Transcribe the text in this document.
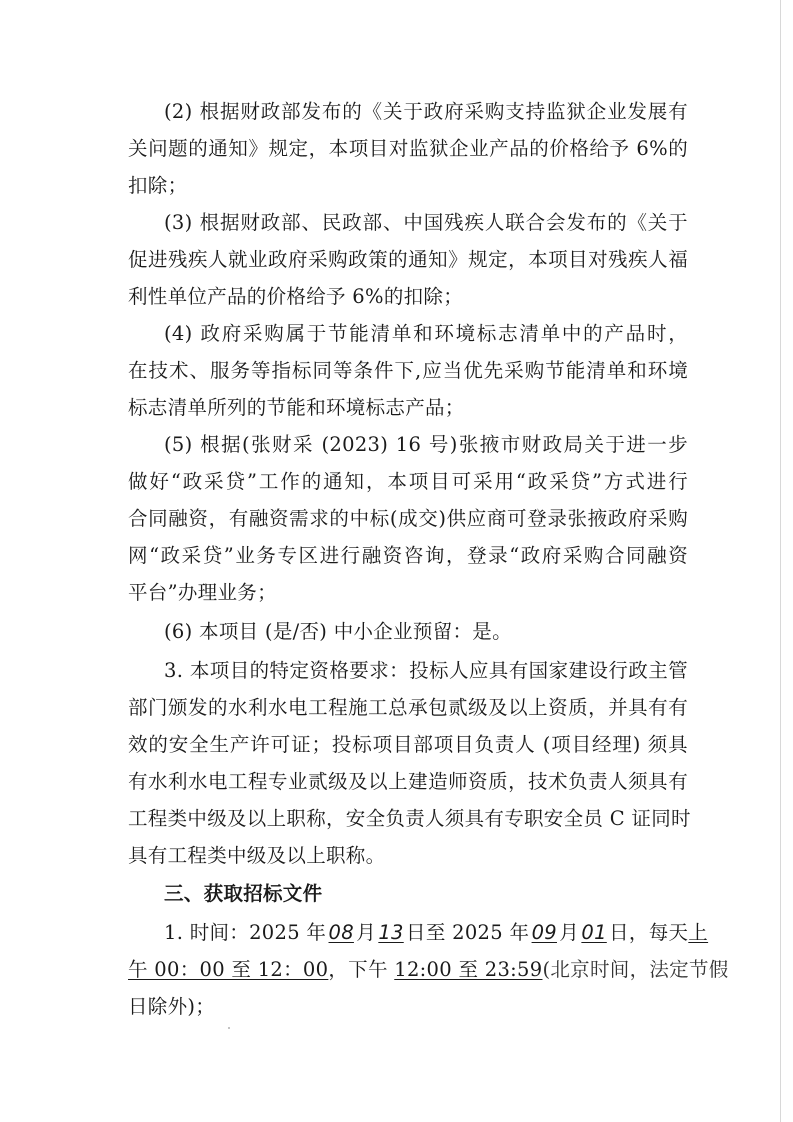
(2) 根据财政部发布的《关于政府采购支持监狱企业发展有
关问题的通知》规定，本项目对监狱企业产品的价格给予 6%的
扣除；
(3) 根据财政部、民政部、中国残疾人联合会发布的《关于
促进残疾人就业政府采购政策的通知》规定，本项目对残疾人福
利性单位产品的价格给予 6%的扣除；
(4) 政府采购属于节能清单和环境标志清单中的产品时，
在技术、服务等指标同等条件下,应当优先采购节能清单和环境
标志清单所列的节能和环境标志产品；
(5) 根据(张财采 (2023) 16 号)张掖市财政局关于进一步
做好“政采贷”工作的通知，本项目可采用“政采贷”方式进行
合同融资，有融资需求的中标(成交)供应商可登录张掖政府采购
网“政采贷”业务专区进行融资咨询，登录“政府采购合同融资
平台”办理业务；
(6) 本项目 (是/否) 中小企业预留：是。
3. 本项目的特定资格要求：投标人应具有国家建设行政主管
部门颁发的水利水电工程施工总承包贰级及以上资质，并具有有
效的安全生产许可证；投标项目部项目负责人 (项目经理) 须具
有水利水电工程专业贰级及以上建造师资质，技术负责人须具有
工程类中级及以上职称，安全负责人须具有专职安全员 C 证同时
具有工程类中级及以上职称。
三、获取招标文件
1. 时间：2025 年 08 月 13 日至 2025 年 09 月 01 日，每天上
午 00：00 至 12：00，下午 12:00 至 23:59(北京时间，法定节假
日除外)；
